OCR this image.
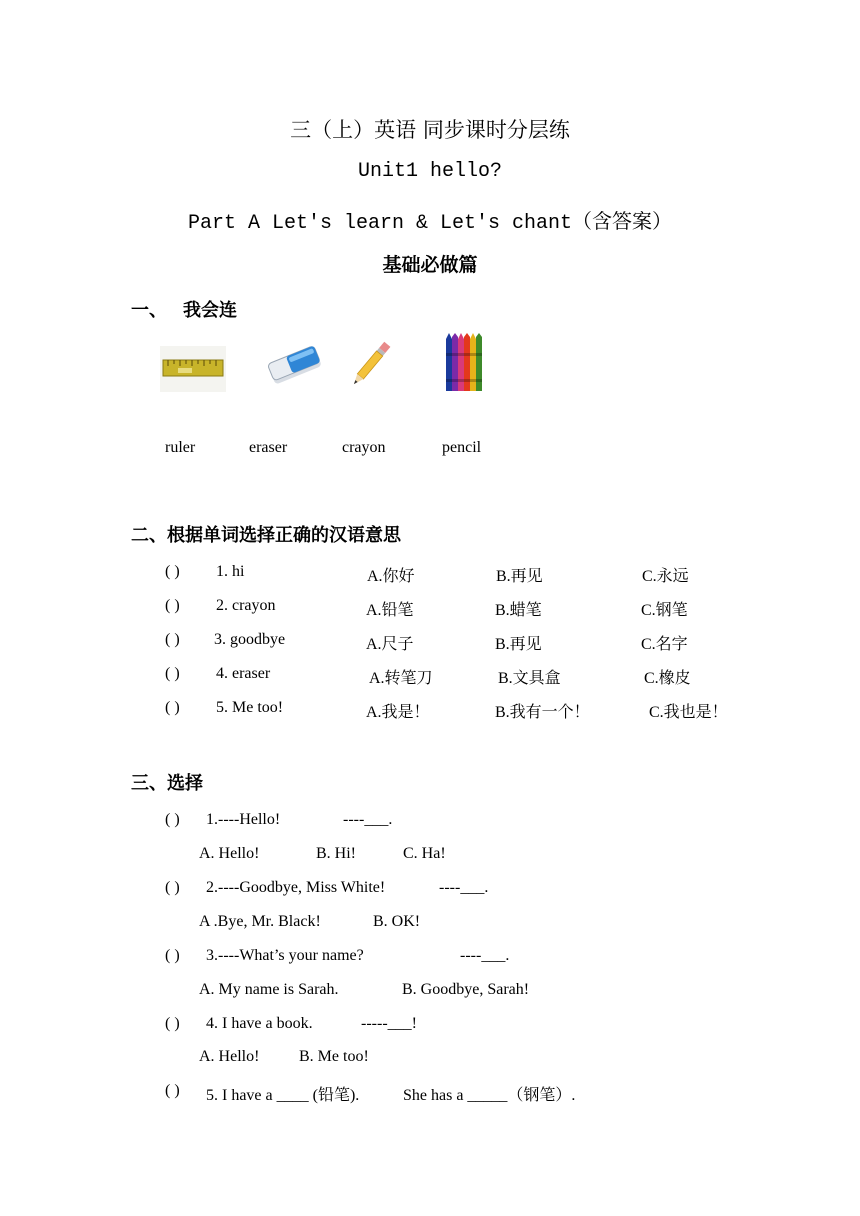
三（上）英语 同步课时分层练
Unit1 hello?
Part A Let's learn & Let's chant（含答案）
基础必做篇
一、 我会连
ruler	eraser	crayon	pencil
二、根据单词选择正确的汉语意思
( ) 1. hi	A.你好	B.再见	C.永远
( ) 2. crayon	A.铅笔	B.蜡笔	C.钢笔
( ) 3. goodbye	A.尺子	B.再见	C.名字
( ) 4. eraser	A.转笔刀	B.文具盒	C.橡皮
( ) 5. Me too!	A.我是！	B.我有一个！	C.我也是！
三、选择
( ) 1.----Hello!	----___.
A. Hello!	B. Hi!	C. Ha!
( ) 2.----Goodbye, Miss White!	----___.
A .Bye, Mr. Black!	B. OK!
( ) 3.----What’s your name?	----___.
A. My name is Sarah.	B. Goodbye, Sarah!
( ) 4. I have a book.	-----___!
A. Hello! B. Me too!
( ) 5. I have a ____ (铅笔).	She has a _____（钢笔）.
